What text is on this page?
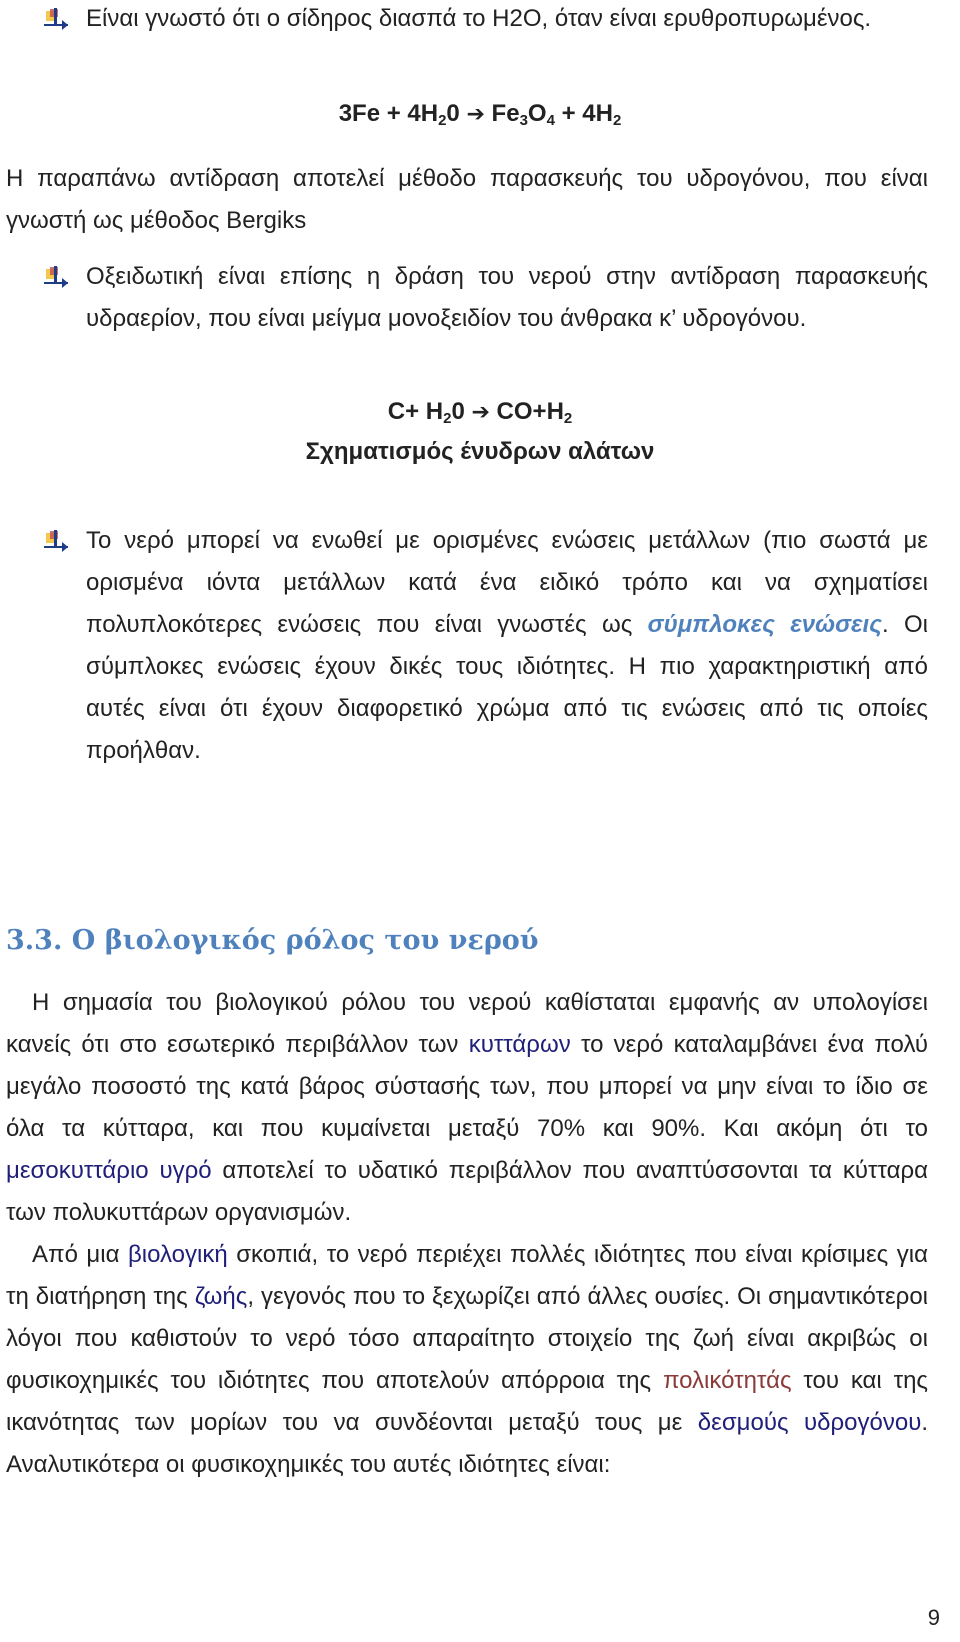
Είναι γνωστό ότι ο σίδηρος διασπά το H2O, όταν είναι ερυθροπυρωμένος.
$3Fe + 4H_20$ ➔ $Fe_3O_4 + 4H_2$
Η παραπάνω αντίδραση αποτελεί μέθοδο παρασκευής του υδρογόνου, που είναι γνωστή ως μέθοδος Bergiks
Οξειδωτική είναι επίσης η δράση του νερού στην αντίδραση παρασκευής υδραερίον, που είναι μείγμα μονοξειδίον του άνθρακα κ’ υδρογόνου.
$C+ H_20$ ➔ $CO+H_2$
Σχηματισμός ένυδρων αλάτων
Το νερό μπορεί να ενωθεί με ορισμένες ενώσεις μετάλλων (πιο σωστά με ορισμένα ιόντα μετάλλων κατά ένα ειδικό τρόπο και να σχηματίσει πολυπλοκότερες ενώσεις που είναι γνωστές ως σύμπλοκες ενώσεις. Οι σύμπλοκες ενώσεις έχουν δικές τους ιδιότητες. Η πιο χαρακτηριστική από αυτές είναι ότι έχουν διαφορετικό χρώμα από τις ενώσεις από τις οποίες προήλθαν.
3.3. Ο βιολογικός ρόλος του νερού
Η σημασία του βιολογικού ρόλου του νερού καθίσταται εμφανής αν υπολογίσει κανείς ότι στο εσωτερικό περιβάλλον των κυττάρων το νερό καταλαμβάνει ένα πολύ μεγάλο ποσοστό της κατά βάρος σύστασής των, που μπορεί να μην είναι το ίδιο σε όλα τα κύτταρα, και που κυμαίνεται μεταξύ 70% και 90%. Και ακόμη ότι το μεσοκυττάριο υγρό αποτελεί το υδατικό περιβάλλον που αναπτύσσονται τα κύτταρα των πολυκυττάρων οργανισμών.
Από μια βιολογική σκοπιά, το νερό περιέχει πολλές ιδιότητες που είναι κρίσιμες για τη διατήρηση της ζωής, γεγονός που το ξεχωρίζει από άλλες ουσίες. Οι σημαντικότεροι λόγοι που καθιστούν το νερό τόσο απαραίτητο στοιχείο της ζωή είναι ακριβώς οι φυσικοχημικές του ιδιότητες που αποτελούν απόρροια της πολικότητάς του και της ικανότητας των μορίων του να συνδέονται μεταξύ τους με δεσμούς υδρογόνου. Αναλυτικότερα οι φυσικοχημικές του αυτές ιδιότητες είναι:
9
